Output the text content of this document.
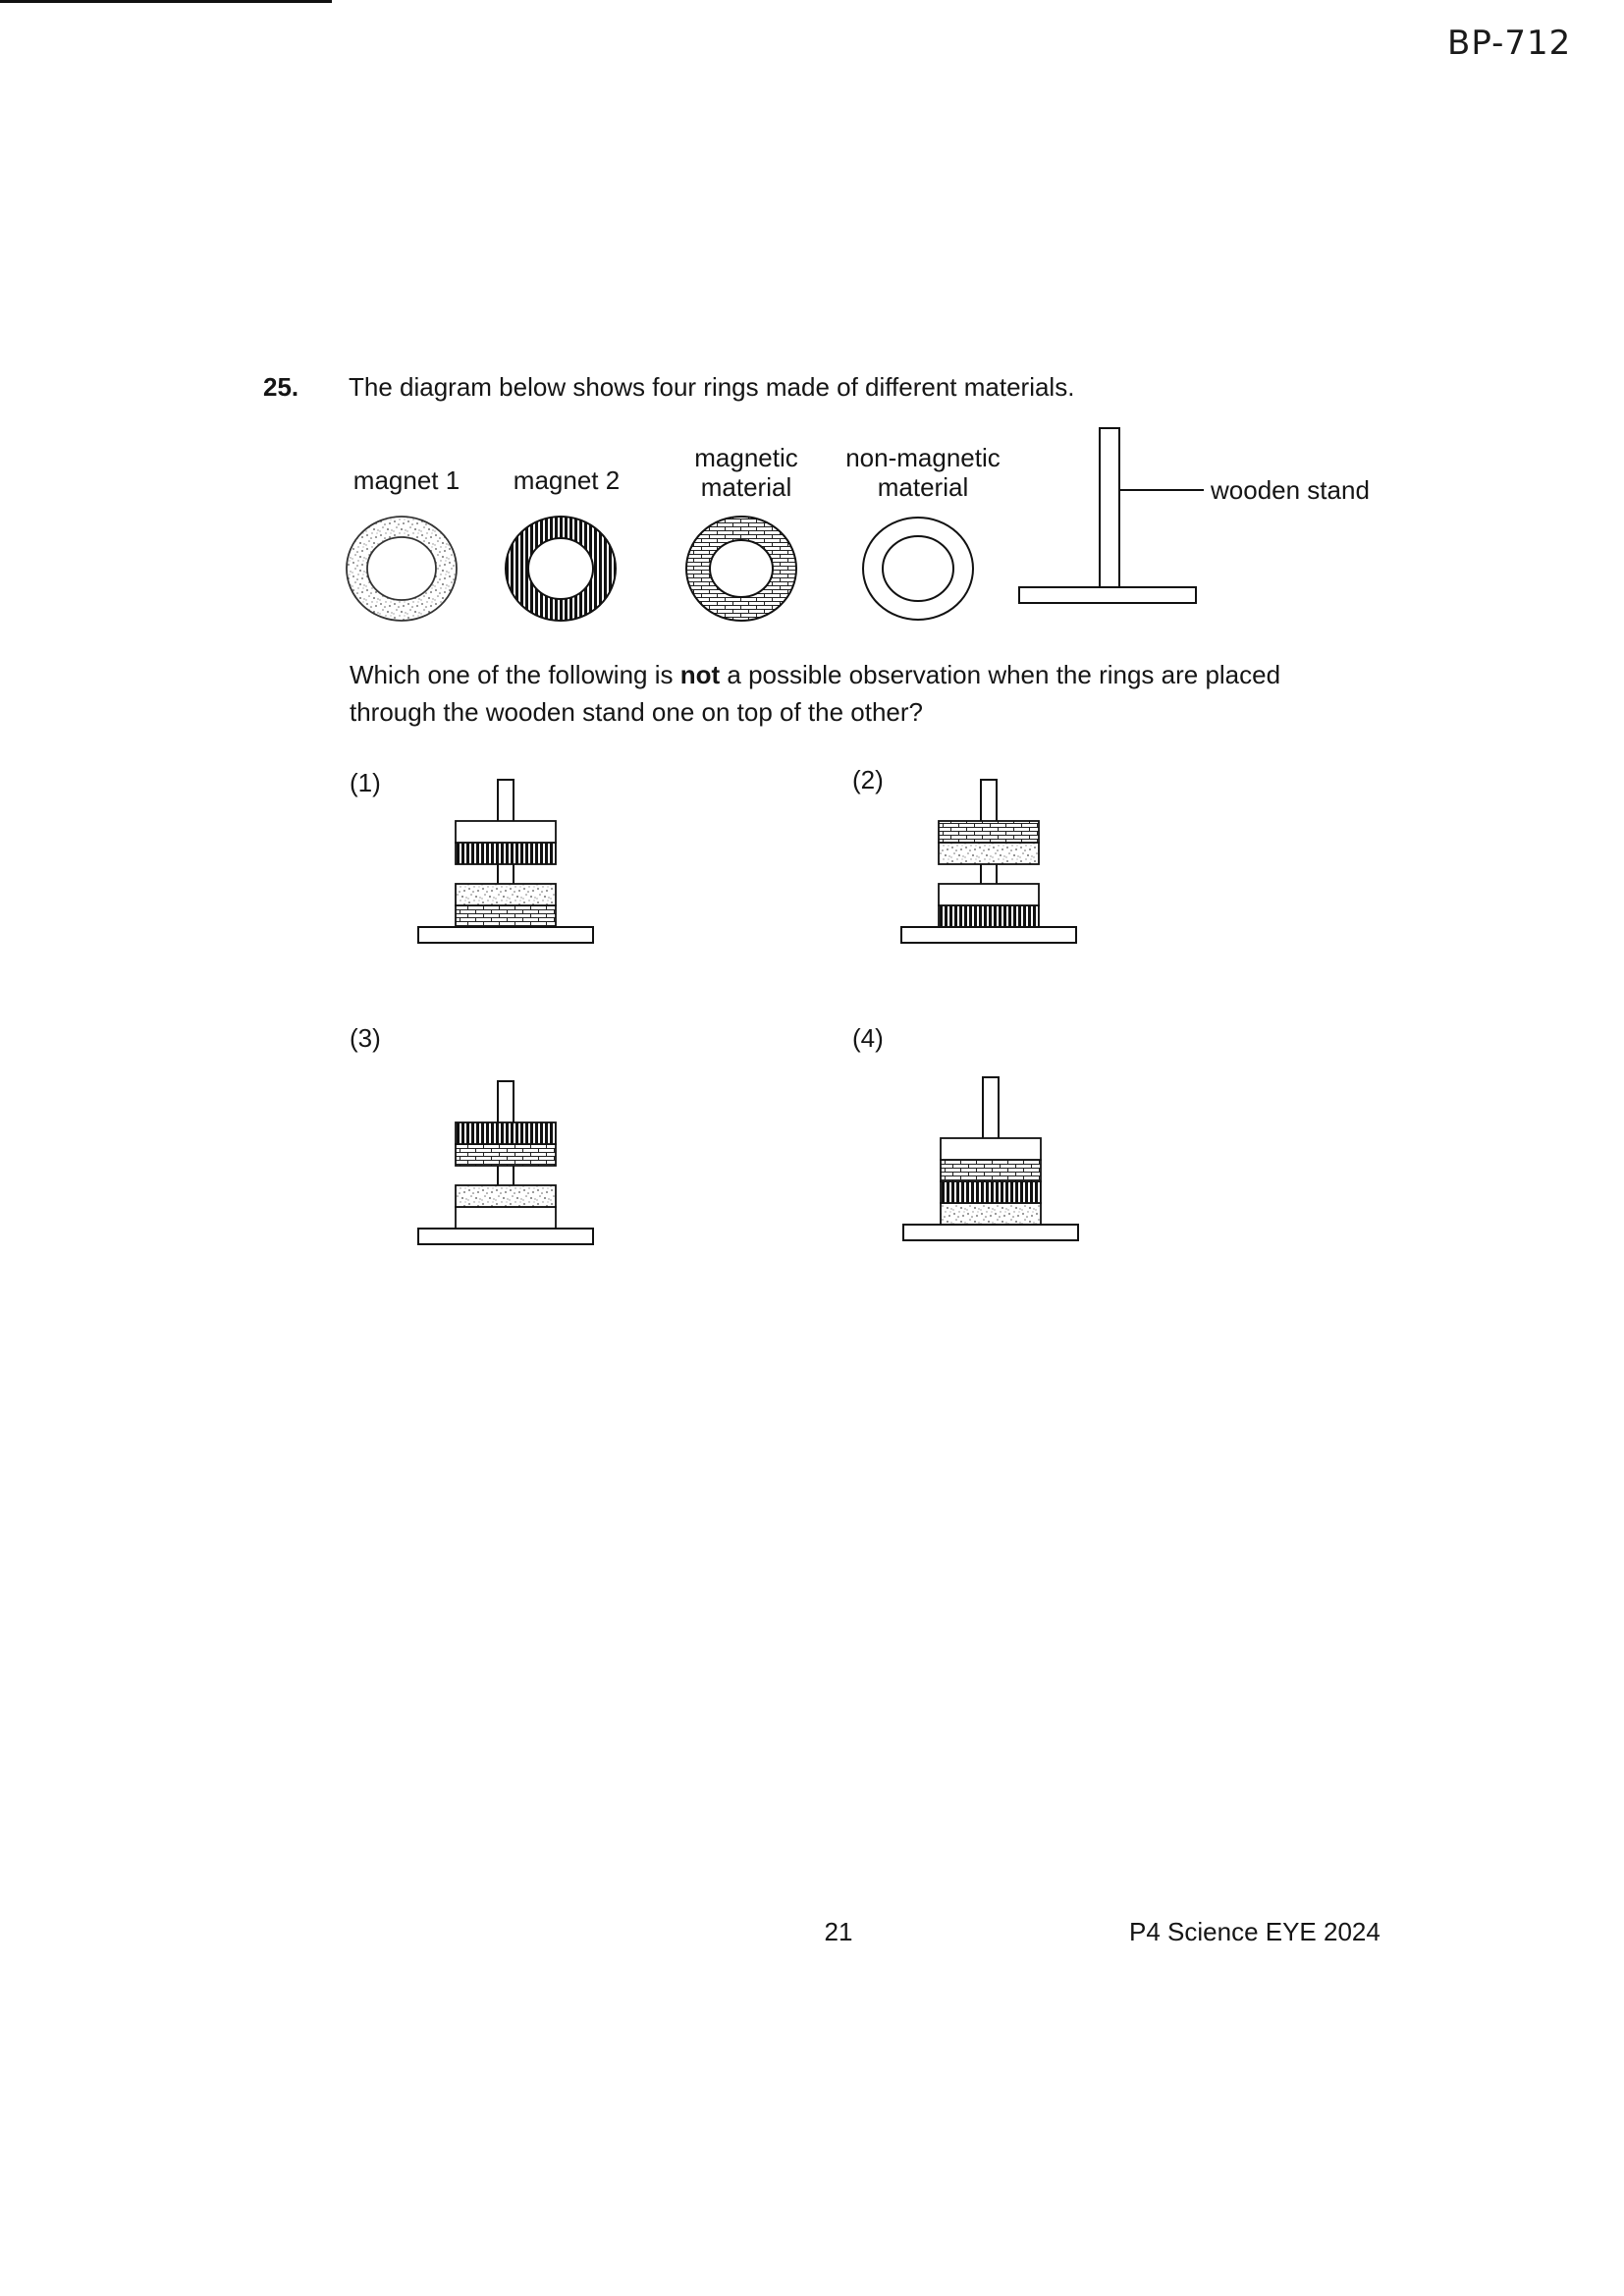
BP-712
25. The diagram below shows four rings made of different materials.
magnet 1	magnet 2
magnetic
material
non-magnetic
material	wooden stand
Which one of the following is not a possible observation when the rings are placed
through the wooden stand one on top of the other?
(1)	(2)
(3)	(4)
21	P4 Science EYE 2024
